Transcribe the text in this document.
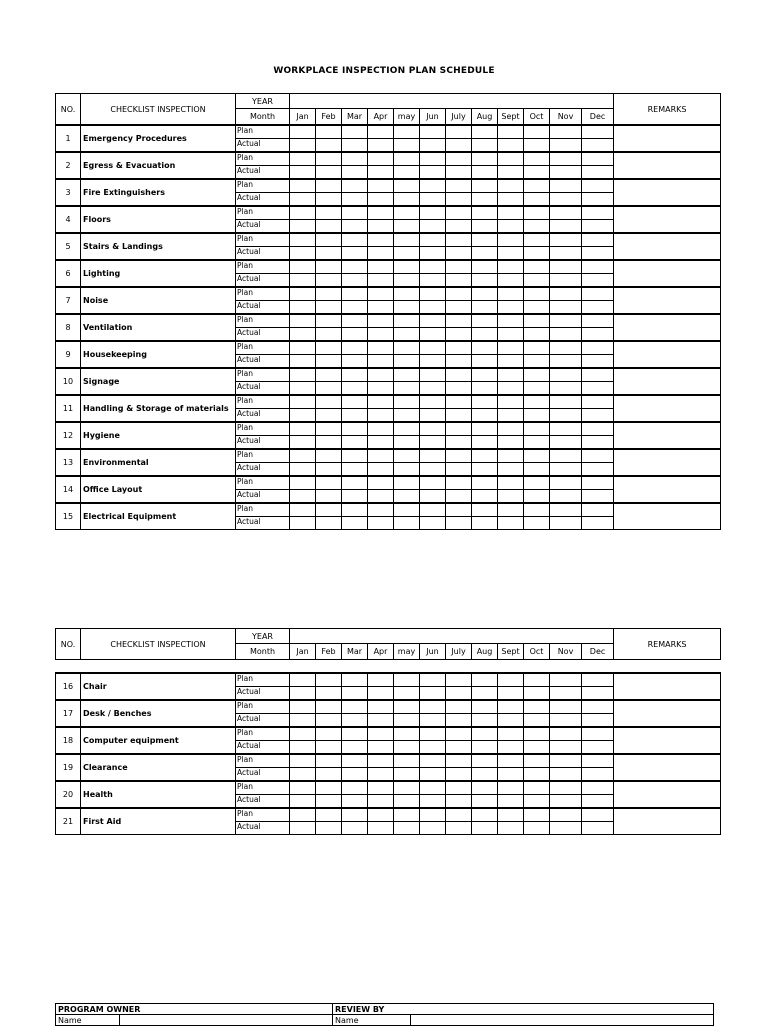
WORKPLACE INSPECTION PLAN SCHEDULE
NO.	CHECKLIST INSPECTION	YEAR													REMARKS
		Month	Jan	Feb	Mar	Apr	may	Jun	July	Aug	Sept	Oct	Nov	Dec	
1	Emergency Procedures	Plan													
		Actual													
2	Egress & Evacuation	Plan													
		Actual													
3	Fire Extinguishers	Plan													
		Actual													
4	Floors	Plan													
		Actual													
5	Stairs & Landings	Plan													
		Actual													
6	Lighting	Plan													
		Actual													
7	Noise	Plan													
		Actual													
8	Ventilation	Plan													
		Actual													
9	Housekeeping	Plan													
		Actual													
10	Signage	Plan													
		Actual													
11	Handling & Storage of materials	Plan													
		Actual													
12	Hygiene	Plan													
		Actual													
13	Environmental	Plan													
		Actual													
14	Office Layout	Plan													
		Actual													
15	Electrical Equipment	Plan													
		Actual													
NO.	CHECKLIST INSPECTION	YEAR													REMARKS
		Month	Jan	Feb	Mar	Apr	may	Jun	July	Aug	Sept	Oct	Nov	Dec	

16	Chair	Plan													
		Actual													
17	Desk / Benches	Plan													
		Actual													
18	Computer equipment	Plan													
		Actual													
19	Clearance	Plan													
		Actual													
20	Health	Plan													
		Actual													
21	First Aid	Plan													
		Actual													
PROGRAM OWNER		REVIEW BY	
Name		Name	
